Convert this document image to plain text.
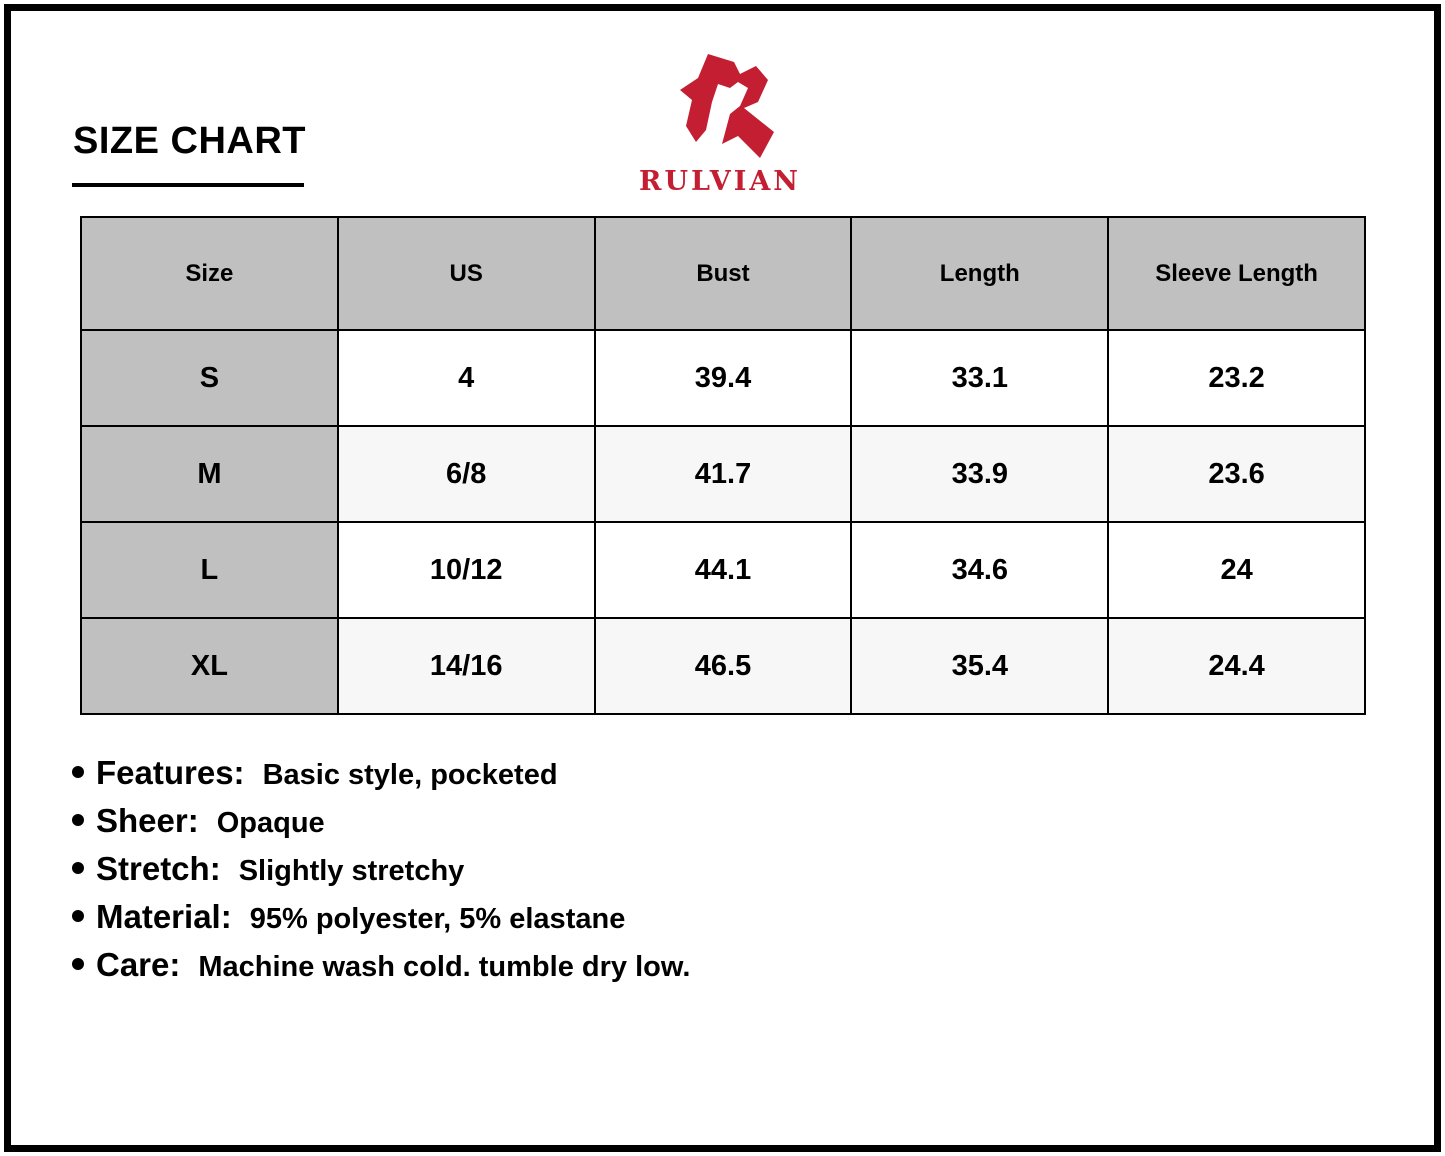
SIZE CHART
RULVIAN
Size	US	Bust	Length	Sleeve Length
S	4	39.4	33.1	23.2
M	6/8	41.7	33.9	23.6
L	10/12	44.1	34.6	24
XL	14/16	46.5	35.4	24.4
Features: Basic style, pocketed
Sheer: Opaque
Stretch: Slightly stretchy
Material: 95% polyester, 5% elastane
Care: Machine wash cold. tumble dry low.
